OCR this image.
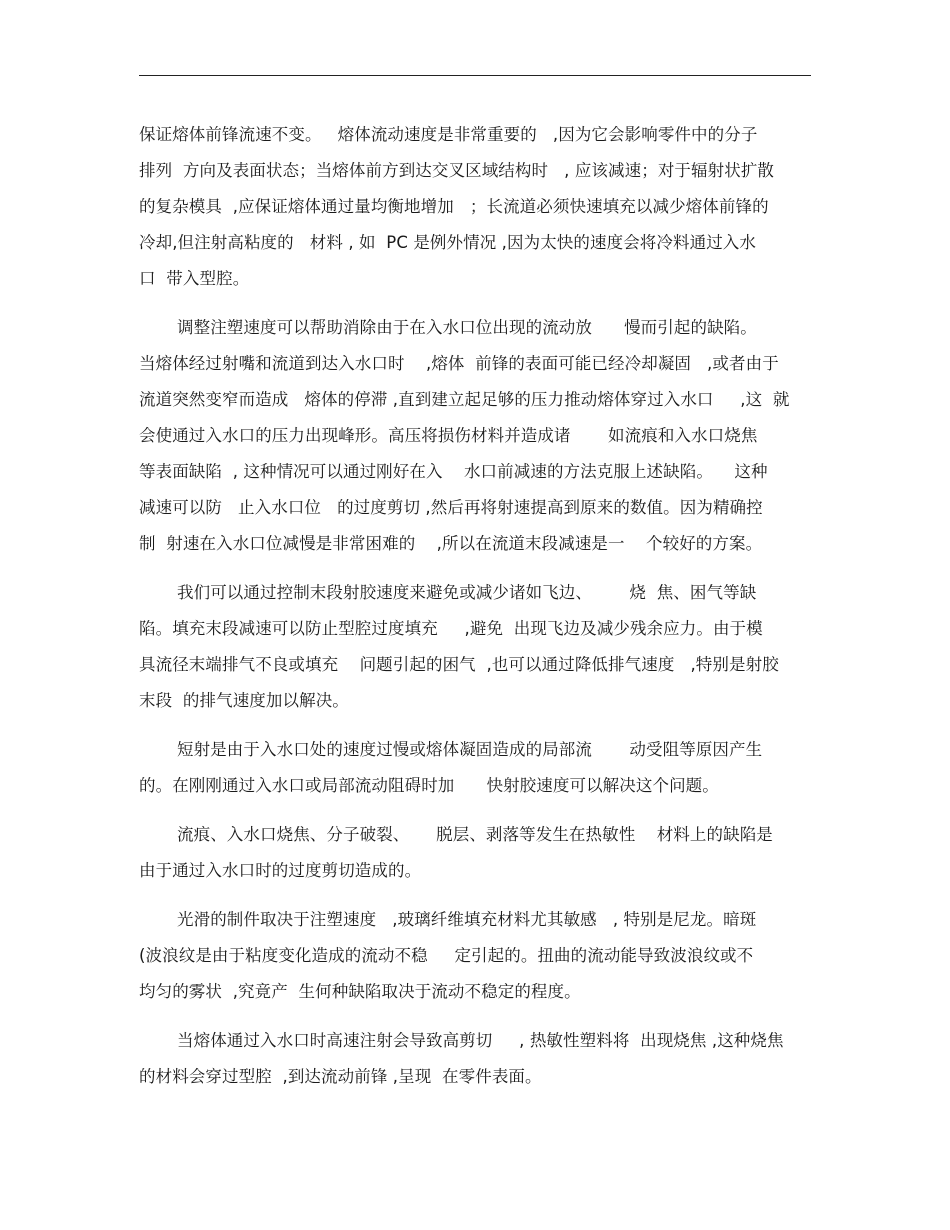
保证熔体前锋流速不变。   熔体流动速度是非常重要的   ,因为它会影响零件中的分子
排列  方向及表面状态；当熔体前方到达交叉区域结构时   , 应该减速；对于辐射状扩散
的复杂模具  ,应保证熔体通过量均衡地增加   ；长流道必须快速填充以减少熔体前锋的
冷却,但注射高粘度的   材料 , 如  PC 是例外情况 ,因为太快的速度会将冷料通过入水
口  带入型腔。
调整注塑速度可以帮助消除由于在入水口位出现的流动放      慢而引起的缺陷。
当熔体经过射嘴和流道到达入水口时    ,熔体  前锋的表面可能已经冷却凝固   ,或者由于
流道突然变窄而造成   熔体的停滞 ,直到建立起足够的压力推动熔体穿过入水口     ,这  就
会使通过入水口的压力出现峰形。高压将损伤材料并造成诸       如流痕和入水口烧焦
等表面缺陷  , 这种情况可以通过刚好在入    水口前减速的方法克服上述缺陷。    这种
减速可以防   止入水口位   的过度剪切 ,然后再将射速提高到原来的数值。因为精确控
制  射速在入水口位减慢是非常困难的    ,所以在流道末段减速是一    个较好的方案。
我们可以通过控制末段射胶速度来避免或减少诸如飞边、       烧  焦、困气等缺
陷。填充末段减速可以防止型腔过度填充     ,避免  出现飞边及减少残余应力。由于模
具流径末端排气不良或填充    问题引起的困气  ,也可以通过降低排气速度   ,特别是射胶
末段  的排气速度加以解决。
短射是由于入水口处的速度过慢或熔体凝固造成的局部流       动受阻等原因产生
的。在刚刚通过入水口或局部流动阻碍时加      快射胶速度可以解决这个问题。
流痕、入水口烧焦、分子破裂、     脱层、剥落等发生在热敏性    材料上的缺陷是
由于通过入水口时的过度剪切造成的。
光滑的制件取决于注塑速度   ,玻璃纤维填充材料尤其敏感   , 特别是尼龙。暗斑
(波浪纹是由于粘度变化造成的流动不稳     定引起的。扭曲的流动能导致波浪纹或不
均匀的雾状  ,究竟产  生何种缺陷取决于流动不稳定的程度。
当熔体通过入水口时高速注射会导致高剪切     , 热敏性塑料将  出现烧焦 ,这种烧焦
的材料会穿过型腔  ,到达流动前锋 ,呈现  在零件表面。
